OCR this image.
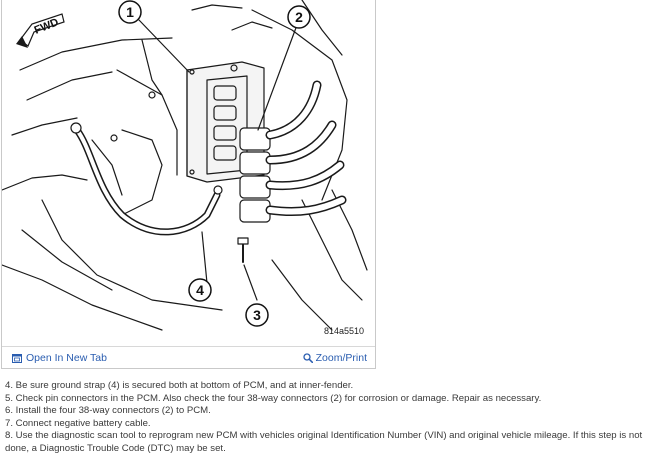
FWD
1	2
3
4
814a5510
Open In New Tab	Zoom/Print

4. Be sure ground strap (4) is secured both at bottom of PCM, and at inner-fender.

5. Check pin connectors in the PCM. Also check the four 38-way connectors (2) for corrosion or damage. Repair as necessary.

6. Install the four 38-way connectors (2) to PCM.

7. Connect negative battery cable.

8. Use the diagnostic scan tool to reprogram new PCM with vehicles original Identification Number (VIN) and original vehicle mileage. If this step is not done, a Diagnostic Trouble Code (DTC) may be set.
